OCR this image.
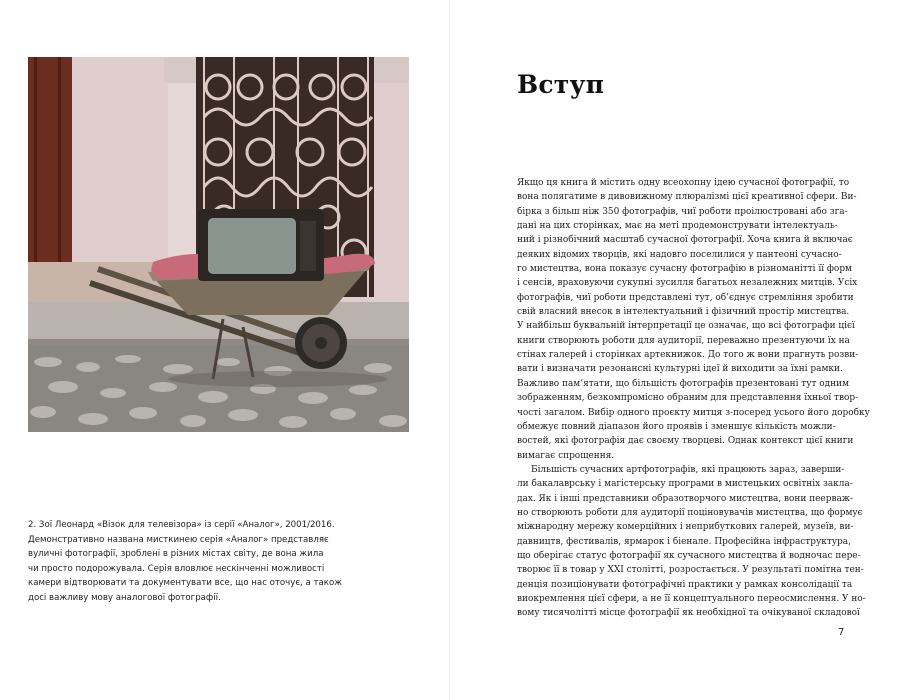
2. Зої Леонард «Візок для телевізора» із серії «Аналог», 2001/2016.

Демонстративно названа мисткинею серія «Аналог» представляє

вуличні фотографії, зроблені в різних містах світу, де вона жила

чи просто подорожувала. Серія вловлює нескінченні можливості

камери відтворювати та документувати все, що нас оточує, а також

досі важливу мову аналогової фотографії.

Вступ
Якщо ця книга й містить одну всеохопну ідею сучасної фотографії, то
вона полягатиме в дивовижному плюралізмі цієї креативної сфери. Ви-
бірка з більш ніж 350 фотографів, чиї роботи проілюстровані або зга-
дані на цих сторінках, має на меті продемонструвати інтелектуаль-
ний і різнобічний масштаб сучасної фотографії. Хоча книга й включає
деяких відомих творців, які надовго поселилися у пантеоні сучасно-
го мистецтва, вона показує сучасну фотографію в різноманітті її форм
і сенсів, враховуючи сукупні зусилля багатьох незалежних митців. Усіх
фотографів, чиї роботи представлені тут, об’єднує стремління зробити
свій власний внесок в інтелектуальний і фізичний простір мистецтва.
У найбільш буквальній інтерпретації це означає, що всі фотографи цієї
книги створюють роботи для аудиторії, переважно презентуючи їх на
стінах галерей і сторінках артекнижок. До того ж вони прагнуть розви-
вати і визначати резонансні культурні ідеї й виходити за їхні рамки.
Важливо пам’ятати, що більшість фотографів презентовані тут одним
зображенням, безкомпромісно обраним для представлення їхньої твор-
чості загалом. Вибір одного проєкту митця з-посеред усього його доробку
обмежує повний діапазон його проявів і зменшує кількість можли-
востей, які фотографія дає своєму творцеві. Однак контекст цієї книги
вимагає спрощення.
Більшість сучасних артфотографів, які працюють зараз, заверши-
ли бакалаврську і магістерську програми в мистецьких освітніх закла-
дах. Як і інші представники образотворчого мистецтва, вони пеерваж-
но створюють роботи для аудиторії поціновувачів мистецтва, що формує
міжнародну мережу комерційних і неприбуткових галерей, музеїв, ви-
давництв, фестивалів, ярмарок і біенале. Професійна інфраструктура,
що оберігає статус фотографії як сучасного мистецтва й водночас пере-
творює її в товар у XXI столітті, розростається. У результаті помітна тен-
денція позиціонувати фотографічні практики у рамках консолідації та
виокремлення цієї сфери, а не її концептуального переосмислення. У но-
вому тисячолітті місце фотографії як необхідної та очікуваної складової
7
